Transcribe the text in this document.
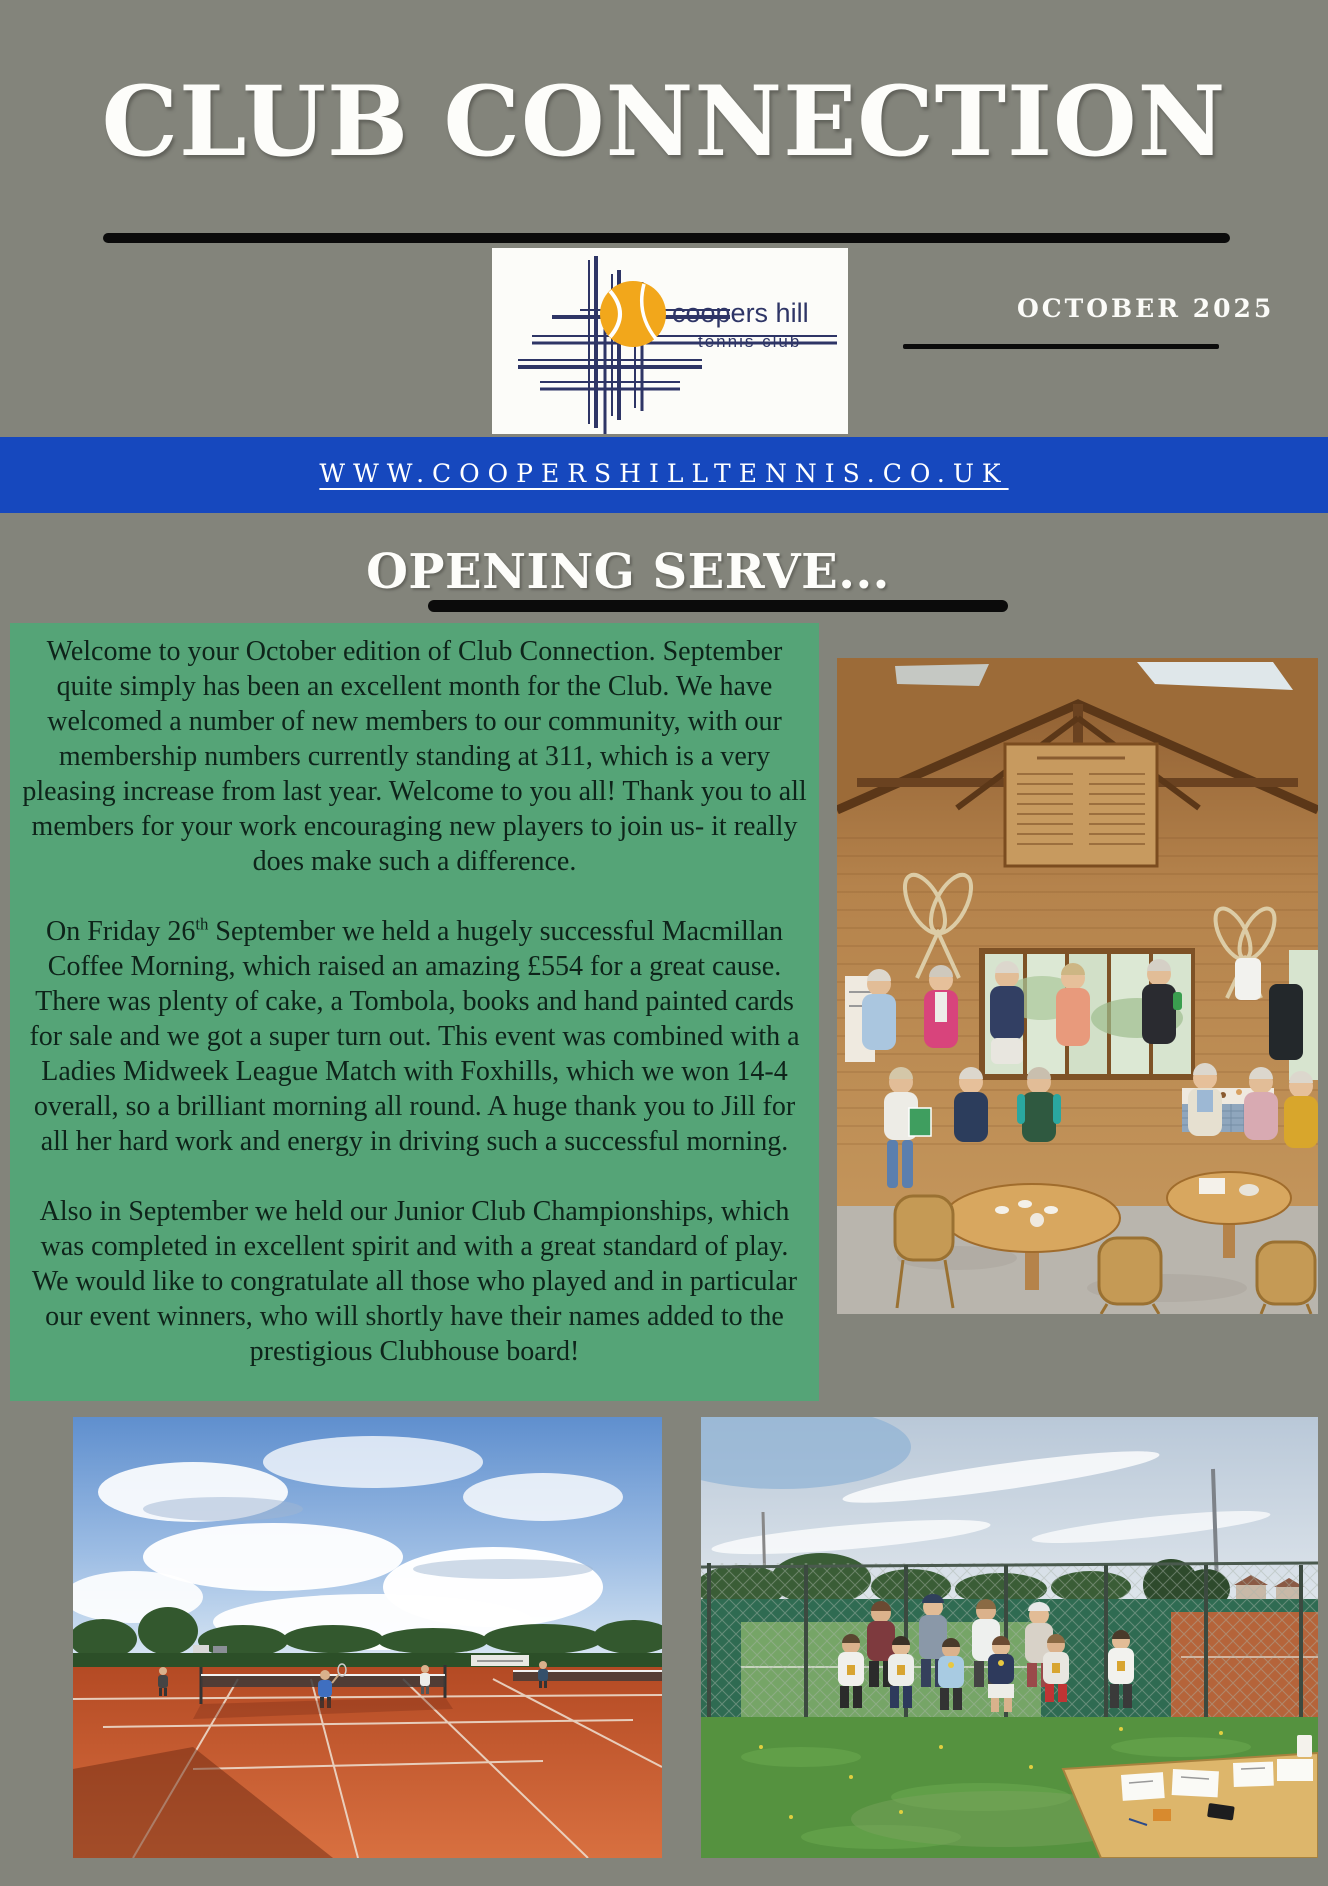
CLUB CONNECTION
coopers hill
tennis club
OCTOBER 2025
WWW.COOPERSHILLTENNIS.CO.UK
OPENING SERVE...

Welcome to your October edition of Club Connection. September quite simply has been an excellent month for the Club. We have welcomed a number of new members to our community, with our membership numbers currently standing at 311, which is a very pleasing increase from last year. Welcome to you all! Thank you to all members for your work encouraging new players to join us- it really does make such a difference.

On Friday 26th September we held a hugely successful Macmillan Coffee Morning, which raised an amazing £554 for a great cause. There was plenty of cake, a Tombola, books and hand painted cards for sale and we got a super turn out. This event was combined with a Ladies Midweek League Match with Foxhills, which we won 14-4 overall, so a brilliant morning all round. A huge thank you to Jill for all her hard work and energy in driving such a successful morning.

Also in September we held our Junior Club Championships, which was completed in excellent spirit and with a great standard of play. We would like to congratulate all those who played and in particular our event winners, who will shortly have their names added to the prestigious Clubhouse board!
